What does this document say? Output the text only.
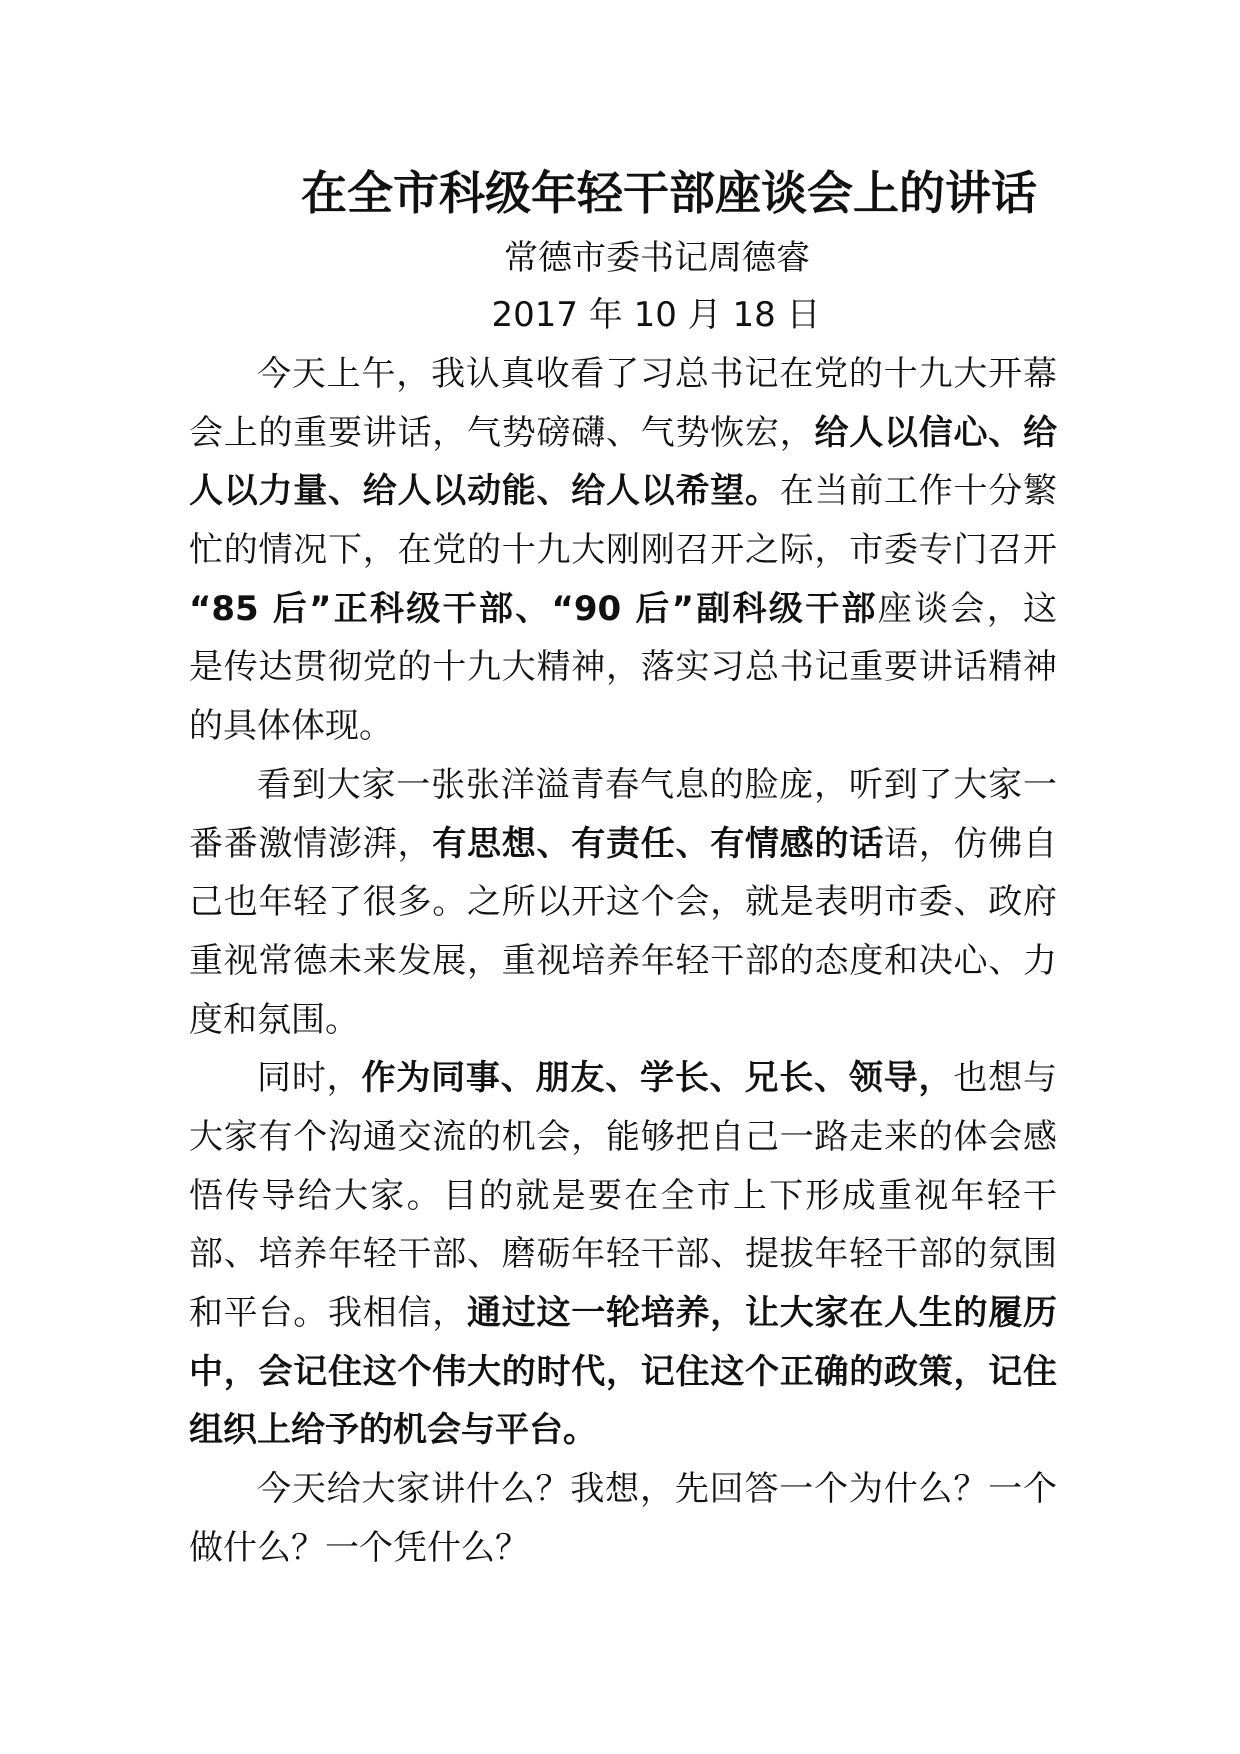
在全市科级年轻干部座谈会上的讲话
常德市委书记周德睿
2017 年 10 月 18 日
今天上午，我认真收看了习总书记在党的十九大开幕
会上的重要讲话，气势磅礴、气势恢宏，给人以信心、给
人以力量、给人以动能、给人以希望。在当前工作十分繁
忙的情况下，在党的十九大刚刚召开之际，市委专门召开
“85 后”正科级干部、“90 后”副科级干部座谈会，这
是传达贯彻党的十九大精神，落实习总书记重要讲话精神
的具体体现。
看到大家一张张洋溢青春气息的脸庞，听到了大家一
番番激情澎湃，有思想、有责任、有情感的话语，仿佛自
己也年轻了很多。之所以开这个会，就是表明市委、政府
重视常德未来发展，重视培养年轻干部的态度和决心、力
度和氛围。
同时，作为同事、朋友、学长、兄长、领导，也想与
大家有个沟通交流的机会，能够把自己一路走来的体会感
悟传导给大家。目的就是要在全市上下形成重视年轻干
部、培养年轻干部、磨砺年轻干部、提拔年轻干部的氛围
和平台。我相信，通过这一轮培养，让大家在人生的履历
中，会记住这个伟大的时代，记住这个正确的政策，记住
组织上给予的机会与平台。
今天给大家讲什么？我想，先回答一个为什么？一个
做什么？一个凭什么？
